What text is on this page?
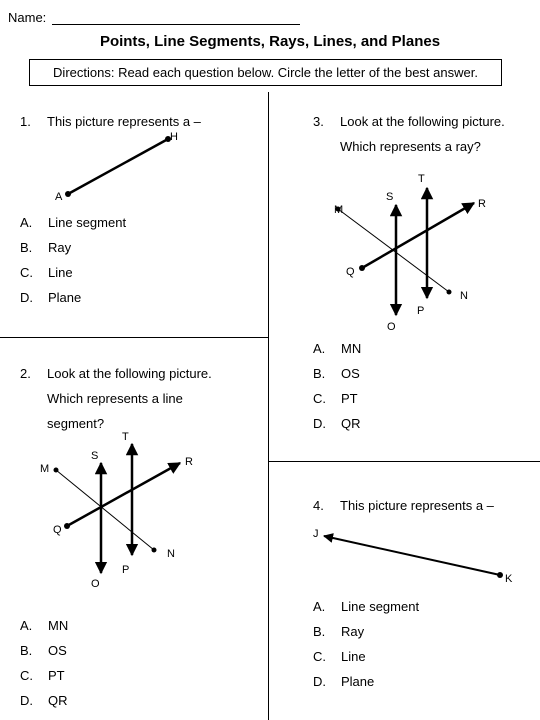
Name:
Points, Line Segments, Rays, Lines, and Planes
Directions: Read each question below. Circle the letter of the best answer.
1. This picture represents a –
H
A
A. Line segment
B. Ray
C. Line
D. Plane
3. Look at the following picture.
Which represents a ray?
T
S
M	R
Q
N
P
O
A. MN
B. OS
C. PT
D. QR
2. Look at the following picture.
Which represents a line
segment?
T
S
M
R
Q
N
P
O
A. MN
B. OS
C. PT
D. QR
4. This picture represents a –
J
K
A. Line segment
B. Ray
C. Line
D. Plane
